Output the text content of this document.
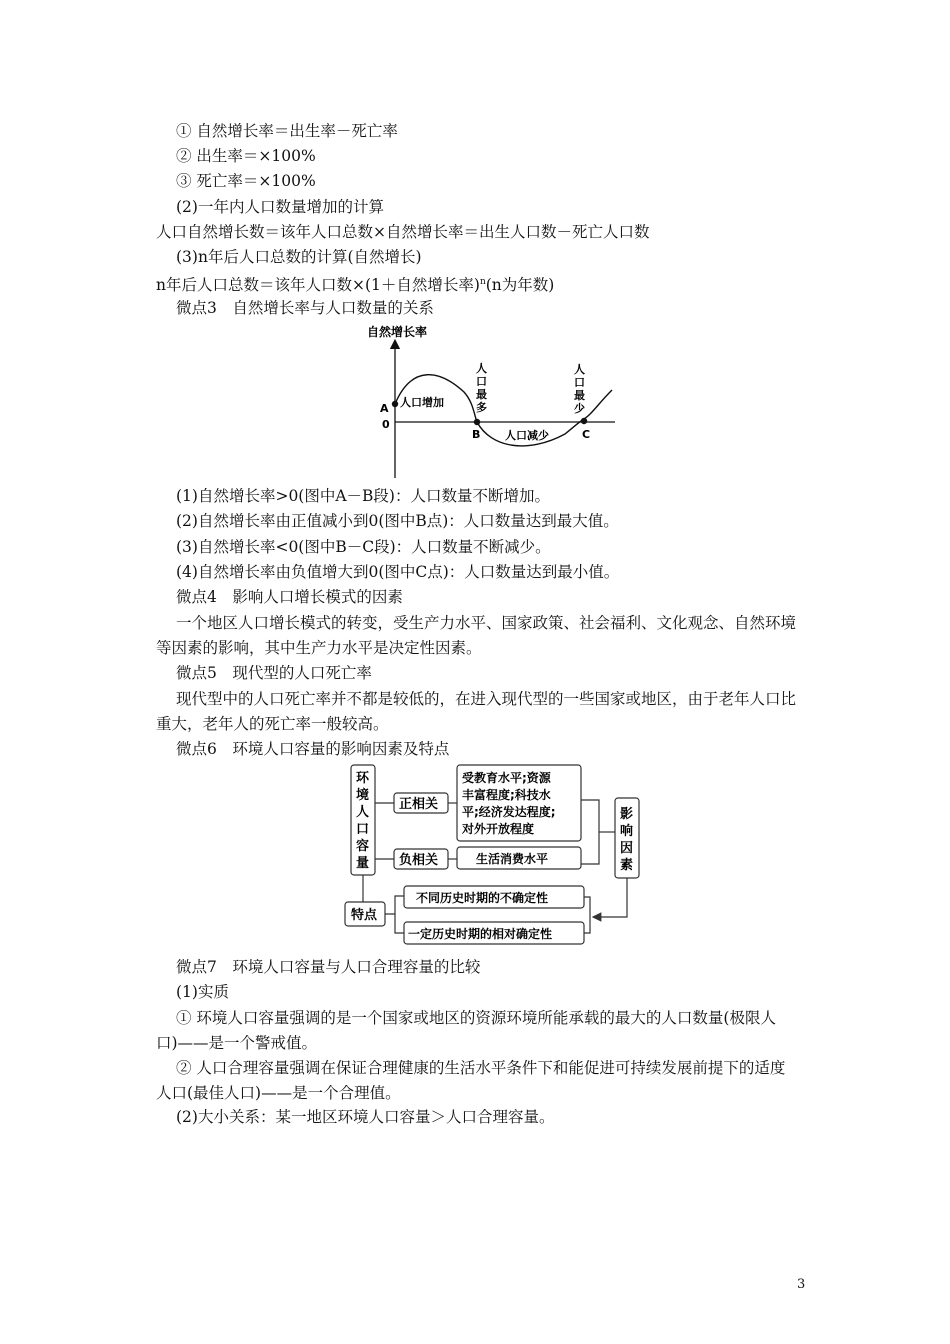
① 自然增长率＝出生率－死亡率
② 出生率＝×100%
③ 死亡率＝×100%
(2)一年内人口数量增加的计算
人口自然增长数＝该年人口总数×自然增长率＝出生人口数－死亡人口数
(3)n年后人口总数的计算(自然增长)
n年后人口总数＝该年人口数×(1＋自然增长率)$^n$(n为年数)
微点3　自然增长率与人口数量的关系
自然增长率
A
0
人口增加
B 人口减少	C
人
口
最
多
人
口
最
少
(1)自然增长率>0(图中A－B段)：人口数量不断增加。
(2)自然增长率由正值减小到0(图中B点)：人口数量达到最大值。
(3)自然增长率<0(图中B－C段)：人口数量不断减少。
(4)自然增长率由负值增大到0(图中C点)：人口数量达到最小值。
微点4　影响人口增长模式的因素
一个地区人口增长模式的转变，受生产力水平、国家政策、社会福利、文化观念、自然环境等因素的影响，其中生产力水平是决定性因素。
微点5　现代型的人口死亡率
现代型中的人口死亡率并不都是较低的，在进入现代型的一些国家或地区，由于老年人口比重大，老年人的死亡率一般较高。
微点6　环境人口容量的影响因素及特点
环
境
人
口
容
量
正相关
受教育水平;资源
丰富程度;科技水
平;经济发达程度;
对外开放程度
负相关	生活消费水平
影
响
因
素
特点
不同历史时期的不确定性
一定历史时期的相对确定性
微点7　环境人口容量与人口合理容量的比较
(1)实质
① 环境人口容量强调的是一个国家或地区的资源环境所能承载的最大的人口数量(极限人口)——是一个警戒值。
② 人口合理容量强调在保证合理健康的生活水平条件下和能促进可持续发展前提下的适度人口(最佳人口)——是一个合理值。
(2)大小关系：某一地区环境人口容量＞人口合理容量。
3
